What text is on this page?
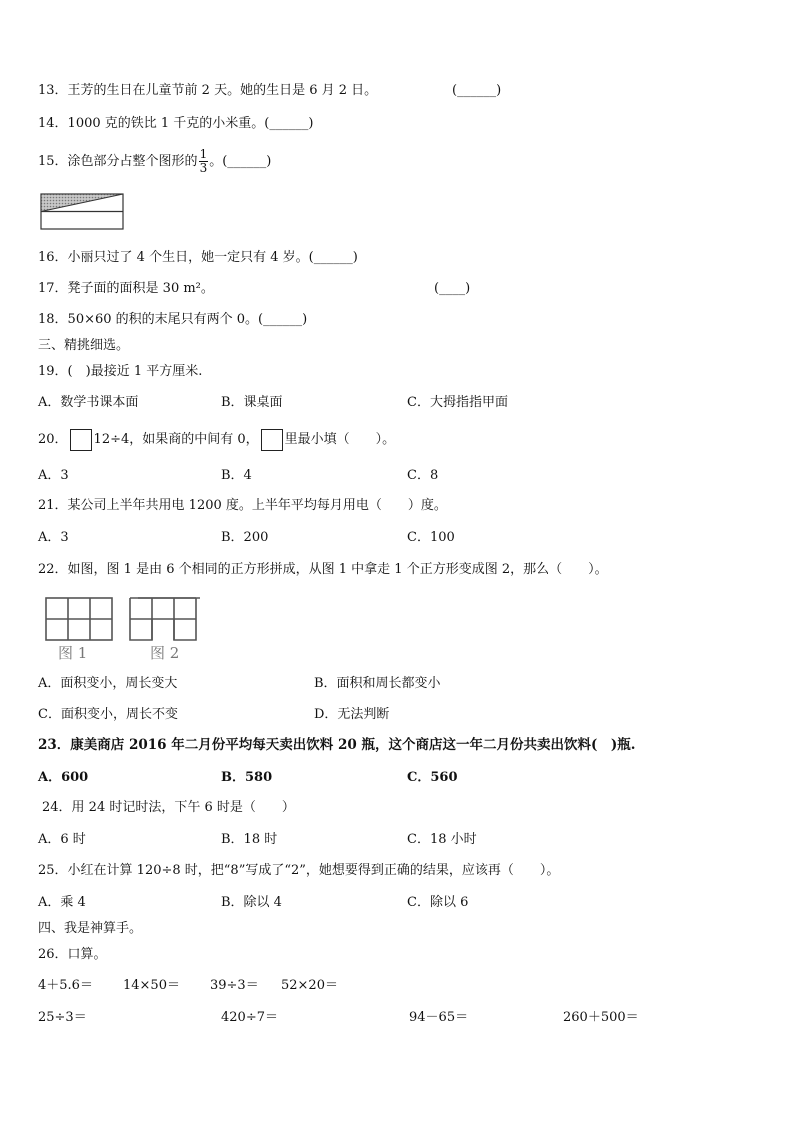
13．王芳的生日在儿童节前 2 天。她的生日是 6 月 2 日。	(______)
14．1000 克的铁比 1 千克的小米重。(______)
15．涂色部分占整个图形的 $\frac{1}{3}$ 。(______)
16．小丽只过了 4 个生日，她一定只有 4 岁。(______)
17．凳子面的面积是 30 m²。	(____)
18．50×60 的积的末尾只有两个 0。(______)
三、精挑细选。
19．(　)最接近 1 平方厘米.
A．数学书课本面	B．课桌面	C．大拇指指甲面
20． 12÷4，如果商的中间有 0， 里最小填（　　）。
A．3	B．4	C．8
21．某公司上半年共用电 1200 度。上半年平均每月用电（　　）度。
A．3	B．200	C．100
22．如图，图 1 是由 6 个相同的正方形拼成，从图 1 中拿走 1 个正方形变成图 2，那么（　　）。
图 1	图 2
A．面积变小，周长变大	B．面积和周长都变小
C．面积变小，周长不变	D．无法判断
23．康美商店 2016 年二月份平均每天卖出饮料 20 瓶，这个商店这一年二月份共卖出饮料(　)瓶.
A．600	B．580	C．560
24．用 24 时记时法，下午 6 时是（　　）
A．6 时	B．18 时	C．18 小时
25．小红在计算 120÷8 时，把“8”写成了“2”，她想要得到正确的结果，应该再（　　）。
A．乘 4	B．除以 4	C．除以 6
四、我是神算手。
26．口算。
4＋5.6＝ 14×50＝ 39÷3＝ 52×20＝
25÷3＝	420÷7＝	94－65＝	260＋500＝
